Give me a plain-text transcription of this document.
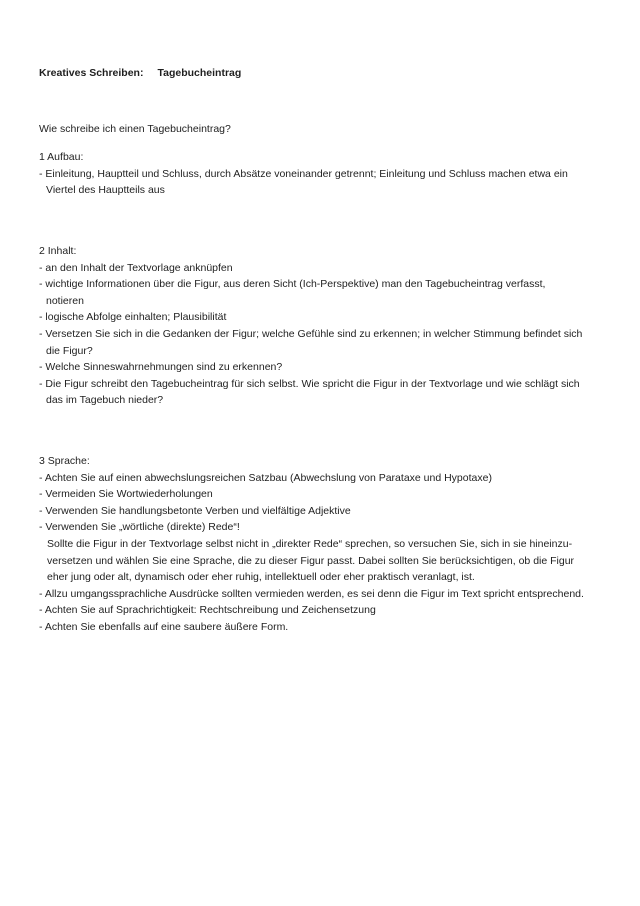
Kreatives Schreiben: Tagebucheintrag
Wie schreibe ich einen Tagebucheintrag?

1 Aufbau:

- Einleitung, Hauptteil und Schluss, durch Absätze voneinander getrennt; Einleitung und Schluss machen etwa ein
Viertel des Hauptteils aus

2 Inhalt:

- an den Inhalt der Textvorlage anknüpfen

- wichtige Informationen über die Figur, aus deren Sicht (Ich-Perspektive) man den Tagebucheintrag verfasst,
notieren

- logische Abfolge einhalten; Plausibilität

- Versetzen Sie sich in die Gedanken der Figur; welche Gefühle sind zu erkennen; in welcher Stimmung befindet sich
die Figur?

- Welche Sinneswahrnehmungen sind zu erkennen?

- Die Figur schreibt den Tagebucheintrag für sich selbst. Wie spricht die Figur in der Textvorlage und wie schlägt sich
das im Tagebuch nieder?

3 Sprache:

- Achten Sie auf einen abwechslungsreichen Satzbau (Abwechslung von Parataxe und Hypotaxe)

- Vermeiden Sie Wortwiederholungen

- Verwenden Sie handlungsbetonte Verben und vielfältige Adjektive

- Verwenden Sie „wörtliche (direkte) Rede“!
Sollte die Figur in der Textvorlage selbst nicht in „direkter Rede“ sprechen, so versuchen Sie, sich in sie hineinzu-
versetzen und wählen Sie eine Sprache, die zu dieser Figur passt. Dabei sollten Sie berücksichtigen, ob die Figur
eher jung oder alt, dynamisch oder eher ruhig, intellektuell oder eher praktisch veranlagt, ist.

- Allzu umgangssprachliche Ausdrücke sollten vermieden werden, es sei denn die Figur im Text spricht entsprechend.

- Achten Sie auf Sprachrichtigkeit: Rechtschreibung und Zeichensetzung

- Achten Sie ebenfalls auf eine saubere äußere Form.
